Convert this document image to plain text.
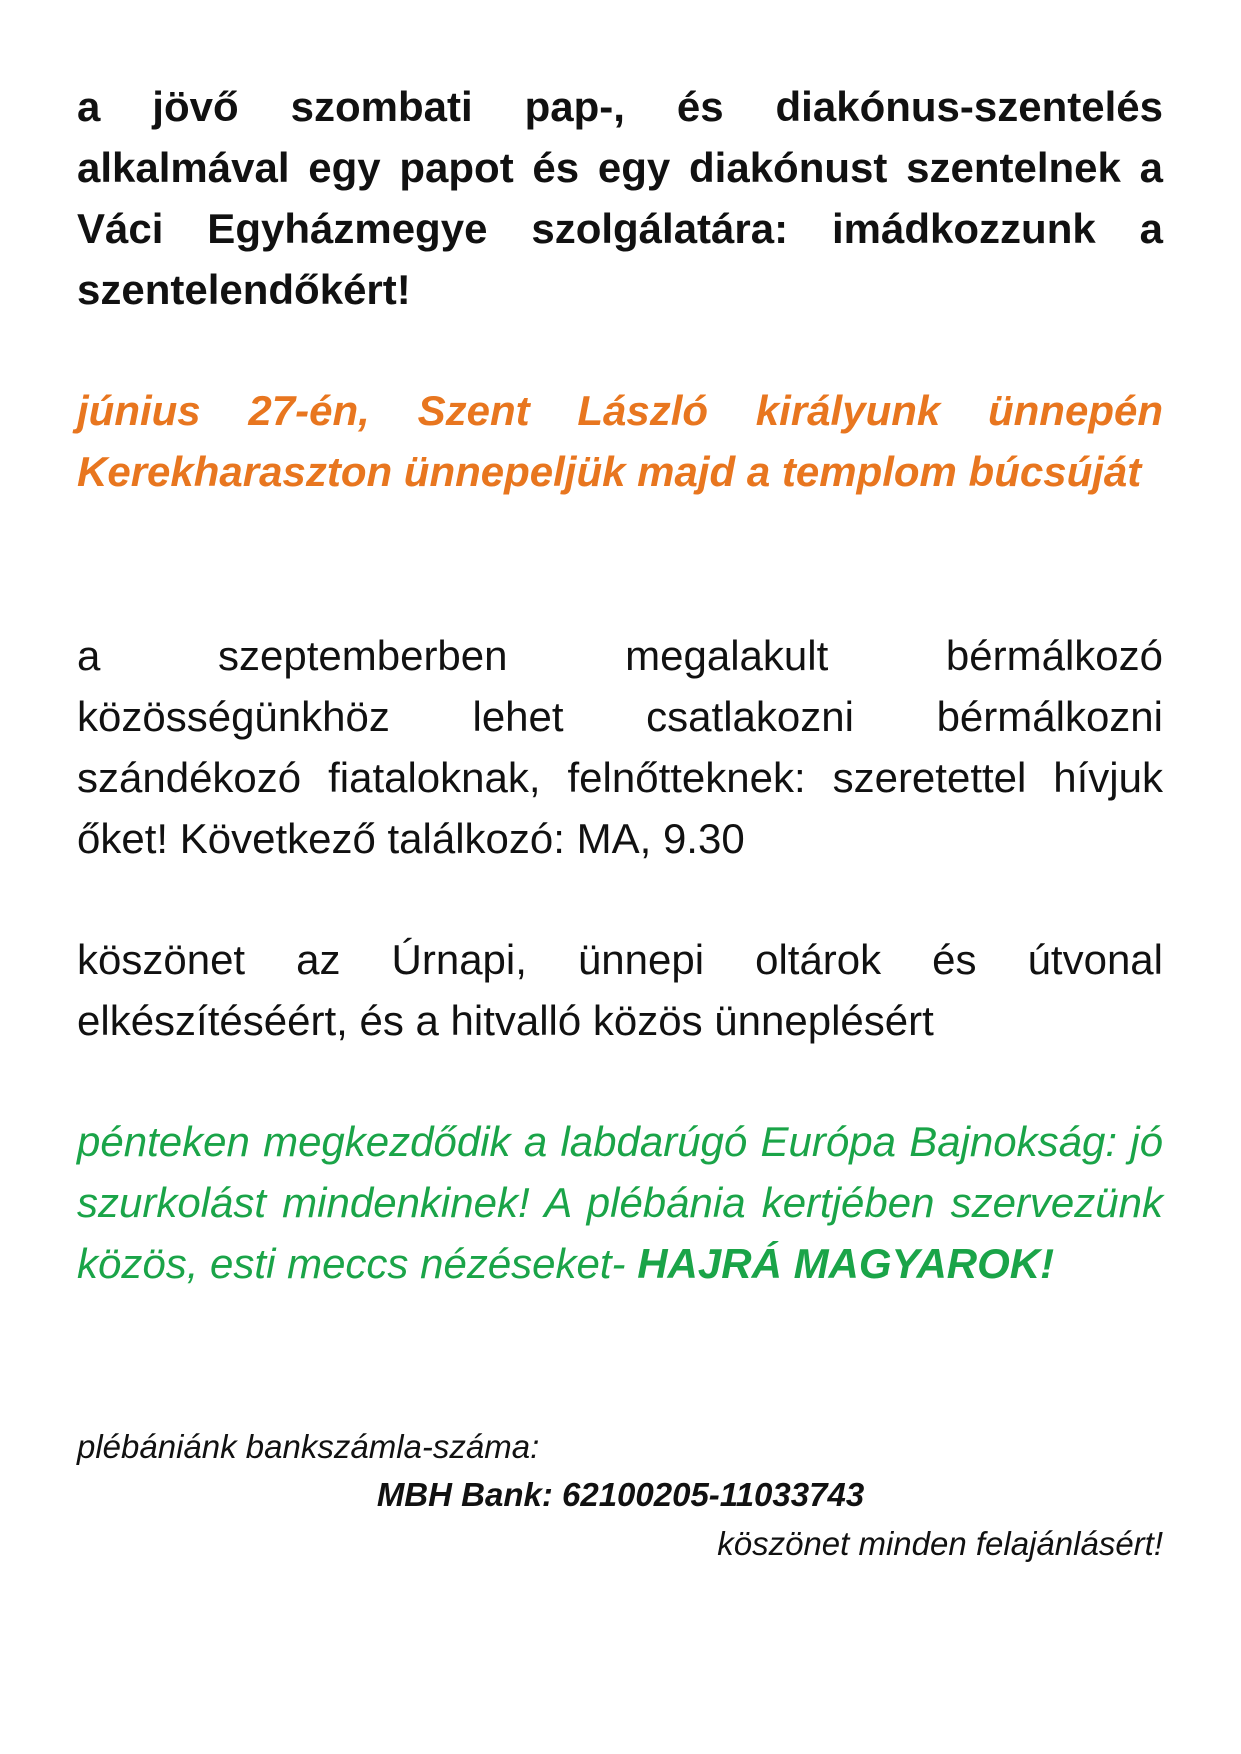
a jövő szombati pap-, és diakónus-szentelés alkalmával egy papot és egy diakónust szentelnek a Váci Egyházmegye szolgálatára: imádkozzunk a szentelendőkért!
június 27-én, Szent László királyunk ünnepén Kerekharaszton ünnepeljük majd a templom búcsúját
a szeptemberben megalakult bérmálkozó közösségünkhöz lehet csatlakozni bérmálkozni szándékozó fiataloknak, felnőtteknek: szeretettel hívjuk őket! Következő találkozó: MA, 9.30
köszönet az Úrnapi, ünnepi oltárok és útvonal elkészítéséért, és a hitvalló közös ünneplésért
pénteken megkezdődik a labdarúgó Európa Bajnokság: jó szurkolást mindenkinek! A plébánia kertjében szervezünk közös, esti meccs nézéseket- HAJRÁ MAGYAROK!
plébániánk bankszámla-száma:
MBH Bank: 62100205-11033743
köszönet minden felajánlásért!
